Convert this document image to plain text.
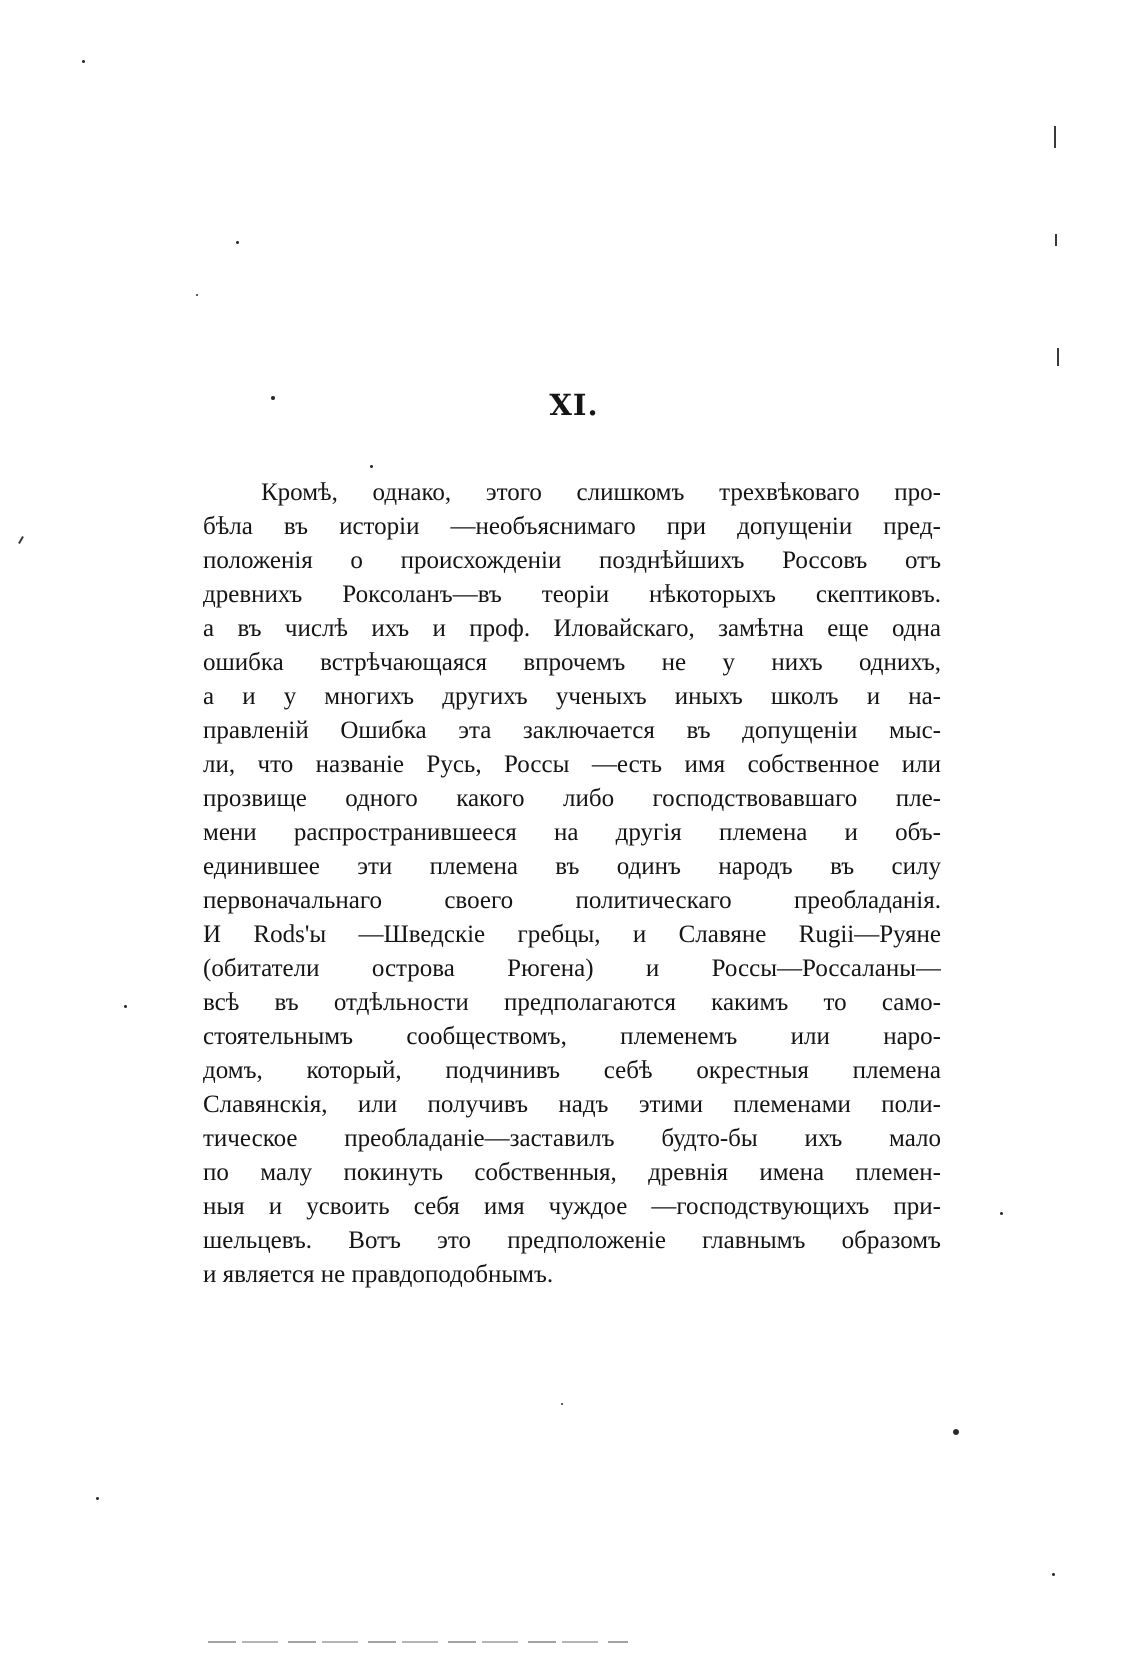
XI.
Кромѣ, однако, этого слишкомъ трехвѣковаго про-
бѣла въ исторіи —необъяснимаго при допущеніи пред-
положенія о происхожденіи позднѣйшихъ Россовъ отъ
древнихъ Роксоланъ—въ теоріи нѣкоторыхъ скептиковъ.
а въ числѣ ихъ и проф. Иловайскаго, замѣтна еще одна
ошибка встрѣчающаяся впрочемъ не у нихъ однихъ,
а и у многихъ другихъ ученыхъ иныхъ школъ и на-
правленій Ошибка эта заключается въ допущеніи мыс-
ли, что названіе Русь, Россы —есть имя собственное или
прозвище одного какого либо господствовавшаго пле-
мени распространившееся на другія племена и объ-
единившее эти племена въ одинъ народъ въ силу
первоначальнаго своего политическаго преобладанія.
И Rods'ы —Шведскіе гребцы, и Славяне Rugii—Руяне
(обитатели острова Рюгена) и Россы—Россаланы—
всѣ въ отдѣльности предполагаются какимъ то само-
стоятельнымъ сообществомъ, племенемъ или наро-
домъ, который, подчинивъ себѣ окрестныя племена
Славянскія, или получивъ надъ этими племенами поли-
тическое преобладаніе—заставилъ будто-бы ихъ мало
по малу покинуть собственныя, древнія имена племен-
ныя и усвоить себя имя чуждое —господствующихъ при-
шельцевъ. Вотъ это предположеніе главнымъ образомъ
и является не правдоподобнымъ.
